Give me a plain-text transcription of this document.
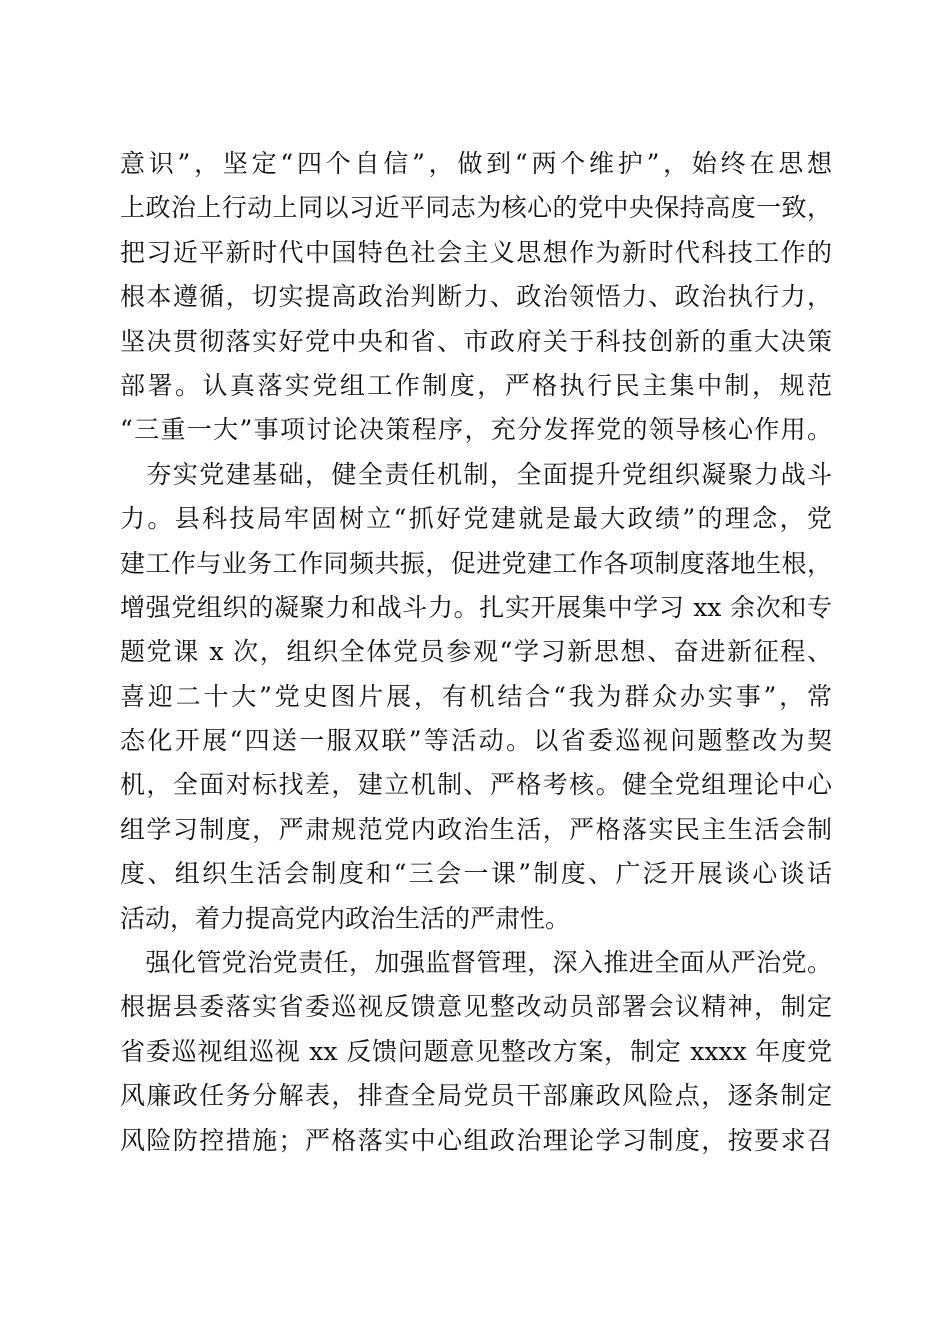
意识”，坚定“四个自信”，做到“两个维护”，始终在思想
上政治上行动上同以习近平同志为核心的党中央保持高度一致，
把习近平新时代中国特色社会主义思想作为新时代科技工作的
根本遵循，切实提高政治判断力、政治领悟力、政治执行力，
坚决贯彻落实好党中央和省、市政府关于科技创新的重大决策
部署。认真落实党组工作制度，严格执行民主集中制，规范
“三重一大”事项讨论决策程序，充分发挥党的领导核心作用。
　夯实党建基础，健全责任机制，全面提升党组织凝聚力战斗
力。县科技局牢固树立“抓好党建就是最大政绩”的理念，党
建工作与业务工作同频共振，促进党建工作各项制度落地生根，
增强党组织的凝聚力和战斗力。扎实开展集中学习 xx 余次和专
题党课 x 次，组织全体党员参观“学习新思想、奋进新征程、
喜迎二十大”党史图片展，有机结合“我为群众办实事”，常
态化开展“四送一服双联”等活动。以省委巡视问题整改为契
机，全面对标找差，建立机制、严格考核。健全党组理论中心
组学习制度，严肃规范党内政治生活，严格落实民主生活会制
度、组织生活会制度和“三会一课”制度、广泛开展谈心谈话
活动，着力提高党内政治生活的严肃性。
　强化管党治党责任，加强监督管理，深入推进全面从严治党。
根据县委落实省委巡视反馈意见整改动员部署会议精神，制定
省委巡视组巡视 xx 反馈问题意见整改方案，制定 xxxx 年度党
风廉政任务分解表，排查全局党员干部廉政风险点，逐条制定
风险防控措施；严格落实中心组政治理论学习制度，按要求召
